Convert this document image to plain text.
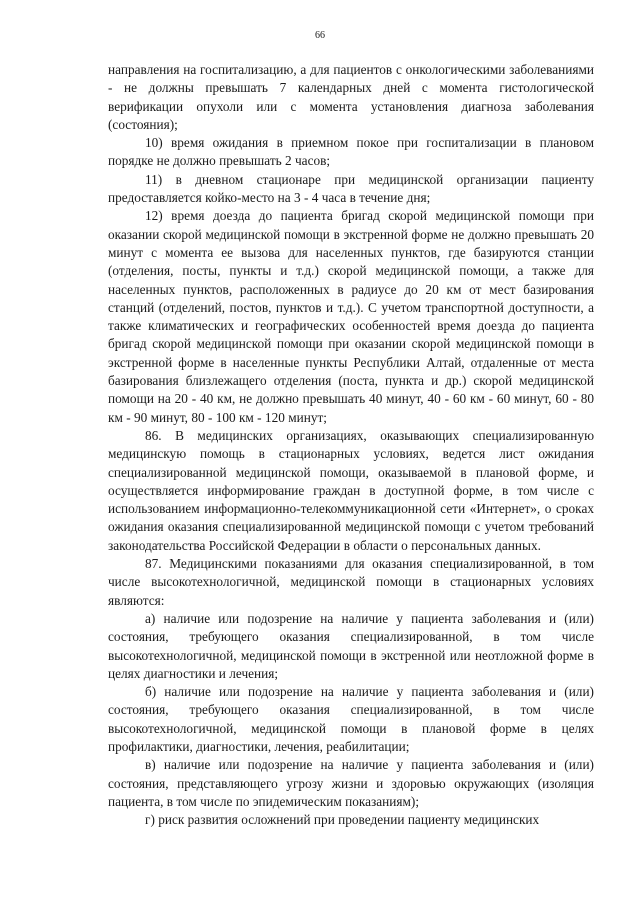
66

направления на госпитализацию, а для пациентов с онкологическими заболеваниями - не должны превышать 7 календарных дней с момента гистологической верификации опухоли или с момента установления диагноза заболевания (состояния);

10) время ожидания в приемном покое при госпитализации в плановом порядке не должно превышать 2 часов;

11) в дневном стационаре при медицинской организации пациенту предоставляется койко-место на 3 - 4 часа в течение дня;

12) время доезда до пациента бригад скорой медицинской помощи при оказании скорой медицинской помощи в экстренной форме не должно превышать 20 минут с момента ее вызова для населенных пунктов, где базируются станции (отделения, посты, пункты и т.д.) скорой медицинской помощи, а также для населенных пунктов, расположенных в радиусе до 20 км от мест базирования станций (отделений, постов, пунктов и т.д.). С учетом транспортной доступности, а также климатических и географических особенностей время доезда до пациента бригад скорой медицинской помощи при оказании скорой медицинской помощи в экстренной форме в населенные пункты Республики Алтай, отдаленные от места базирования близлежащего отделения (поста, пункта и др.) скорой медицинской помощи на 20 - 40 км, не должно превышать 40 минут, 40 - 60 км - 60 минут, 60 - 80 км - 90 минут, 80 - 100 км - 120 минут;

86. В медицинских организациях, оказывающих специализированную медицинскую помощь в стационарных условиях, ведется лист ожидания специализированной медицинской помощи, оказываемой в плановой форме, и осуществляется информирование граждан в доступной форме, в том числе с использованием информационно-телекоммуникационной сети «Интернет», о сроках ожидания оказания специализированной медицинской помощи с учетом требований законодательства Российской Федерации в области о персональных данных.

87. Медицинскими показаниями для оказания специализированной, в том числе высокотехнологичной, медицинской помощи в стационарных условиях являются:

а) наличие или подозрение на наличие у пациента заболевания и (или) состояния, требующего оказания специализированной, в том числе высокотехнологичной, медицинской помощи в экстренной или неотложной форме в целях диагностики и лечения;

б) наличие или подозрение на наличие у пациента заболевания и (или) состояния, требующего оказания специализированной, в том числе высокотехнологичной, медицинской помощи в плановой форме в целях профилактики, диагностики, лечения, реабилитации;

в) наличие или подозрение на наличие у пациента заболевания и (или) состояния, представляющего угрозу жизни и здоровью окружающих (изоляция пациента, в том числе по эпидемическим показаниям);

г) риск развития осложнений при проведении пациенту медицинских
